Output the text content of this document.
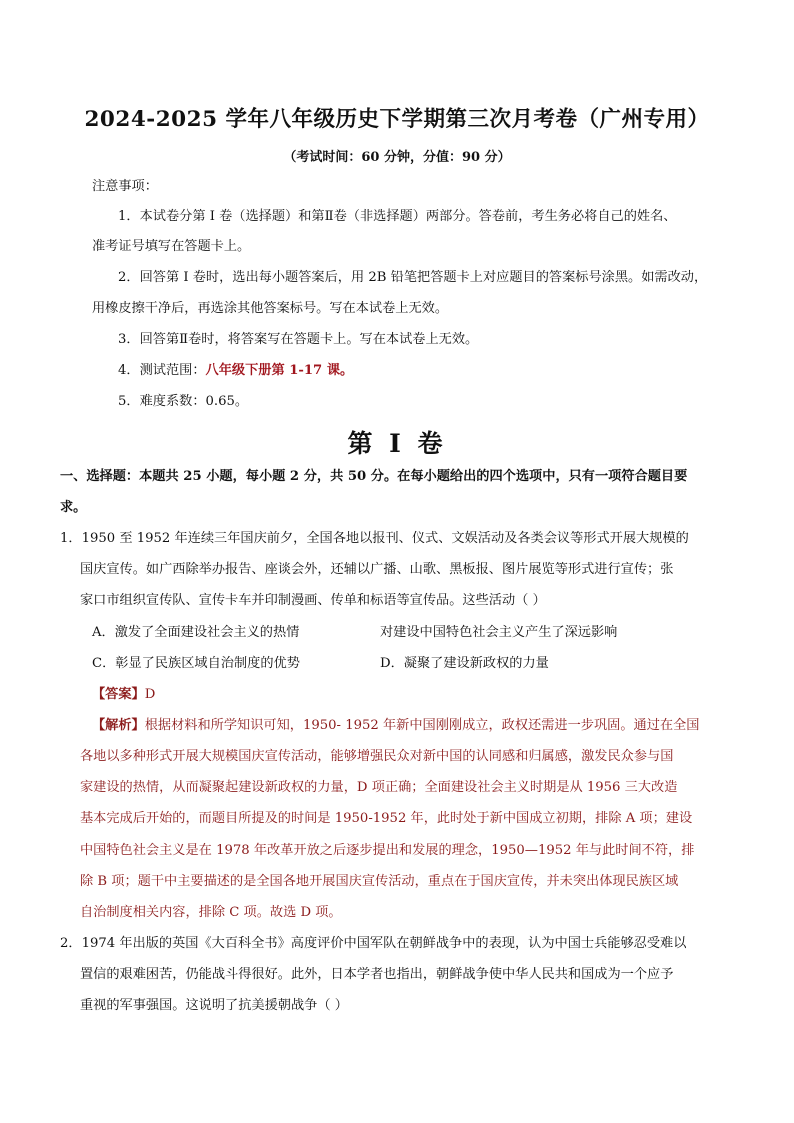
2024-2025 学年八年级历史下学期第三次月考卷（广州专用）
（考试时间：60 分钟，分值：90 分）
注意事项：
1．本试卷分第 I 卷（选择题）和第Ⅱ卷（非选择题）两部分。答卷前，考生务必将自己的姓名、
准考证号填写在答题卡上。
2．回答第 I 卷时，选出每小题答案后，用 2B 铅笔把答题卡上对应题目的答案标号涂黑。如需改动，
用橡皮擦干净后，再选涂其他答案标号。写在本试卷上无效。
3．回答第Ⅱ卷时，将答案写在答题卡上。写在本试卷上无效。
4．测试范围：八年级下册第 1-17 课。
5．难度系数：0.65。
第 I 卷
一、选择题：本题共 25 小题，每小题 2 分，共 50 分。在每小题给出的四个选项中，只有一项符合题目要
求。
1．1950 至 1952 年连续三年国庆前夕，全国各地以报刊、仪式、文娱活动及各类会议等形式开展大规模的
国庆宣传。如广西除举办报告、座谈会外，还辅以广播、山歌、黑板报、图片展览等形式进行宣传；张
家口市组织宣传队、宣传卡车并印制漫画、传单和标语等宣传品。这些活动（ ）
A．激发了全面建设社会主义的热情	对建设中国特色社会主义产生了深远影响
C．彰显了民族区域自治制度的优势	D．凝聚了建设新政权的力量
【答案】D
【解析】根据材料和所学知识可知，1950- 1952 年新中国刚刚成立，政权还需进一步巩固。通过在全国
各地以多种形式开展大规模国庆宣传活动，能够增强民众对新中国的认同感和归属感，激发民众参与国
家建设的热情，从而凝聚起建设新政权的力量，D 项正确；全面建设社会主义时期是从 1956 三大改造
基本完成后开始的，而题目所提及的时间是 1950-1952 年，此时处于新中国成立初期，排除 A 项；建设
中国特色社会主义是在 1978 年改革开放之后逐步提出和发展的理念，1950—1952 年与此时间不符，排
除 B 项；题干中主要描述的是全国各地开展国庆宣传活动，重点在于国庆宣传，并未突出体现民族区域
自治制度相关内容，排除 C 项。故选 D 项。
2．1974 年出版的英国《大百科全书》高度评价中国军队在朝鲜战争中的表现，认为中国士兵能够忍受难以
置信的艰难困苦，仍能战斗得很好。此外，日本学者也指出，朝鲜战争使中华人民共和国成为一个应予
重视的军事强国。这说明了抗美援朝战争（ ）
